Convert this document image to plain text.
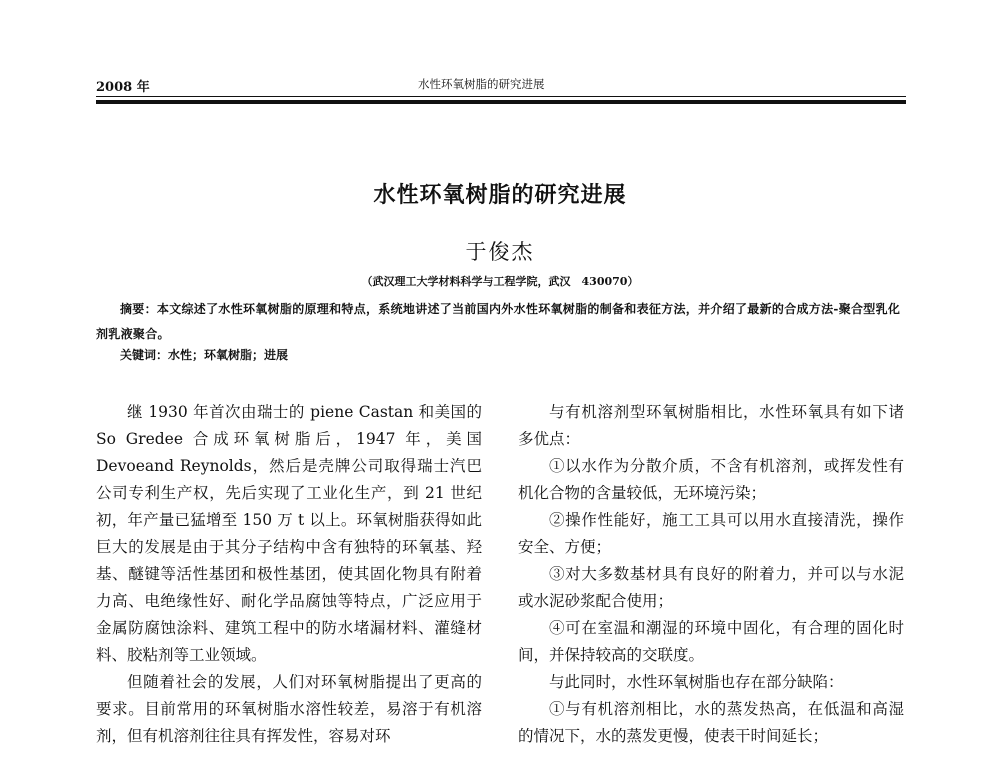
2008 年	水性环氧树脂的研究进展
水性环氧树脂的研究进展
于俊杰
（武汉理工大学材料科学与工程学院，武汉　430070）
摘要：本文综述了水性环氧树脂的原理和特点，系统地讲述了当前国内外水性环氧树脂的制备和表征方法，并介绍了最新的合成方法-聚合型乳化剂乳液聚合。
关键词：水性；环氧树脂；进展

继 1930 年首次由瑞士的 piene Castan 和美国的 So Gredee 合成环氧树脂后，1947 年，美国 Devoeand Reynolds，然后是壳牌公司取得瑞士汽巴公司专利生产权，先后实现了工业化生产，到 21 世纪初，年产量已猛增至 150 万 t 以上。环氧树脂获得如此巨大的发展是由于其分子结构中含有独特的环氧基、羟基、醚键等活性基团和极性基团，使其固化物具有附着力高、电绝缘性好、耐化学品腐蚀等特点，广泛应用于金属防腐蚀涂料、建筑工程中的防水堵漏材料、灌缝材料、胶粘剂等工业领域。

但随着社会的发展，人们对环氧树脂提出了更高的要求。目前常用的环氧树脂水溶性较差，易溶于有机溶剂，但有机溶剂往往具有挥发性，容易对环

与有机溶剂型环氧树脂相比，水性环氧具有如下诸多优点：

①以水作为分散介质，不含有机溶剂，或挥发性有机化合物的含量较低，无环境污染；

②操作性能好，施工工具可以用水直接清洗，操作安全、方便；

③对大多数基材具有良好的附着力，并可以与水泥或水泥砂浆配合使用；

④可在室温和潮湿的环境中固化，有合理的固化时间，并保持较高的交联度。

与此同时，水性环氧树脂也存在部分缺陷：

①与有机溶剂相比，水的蒸发热高，在低温和高湿的情况下，水的蒸发更慢，使表干时间延长；
